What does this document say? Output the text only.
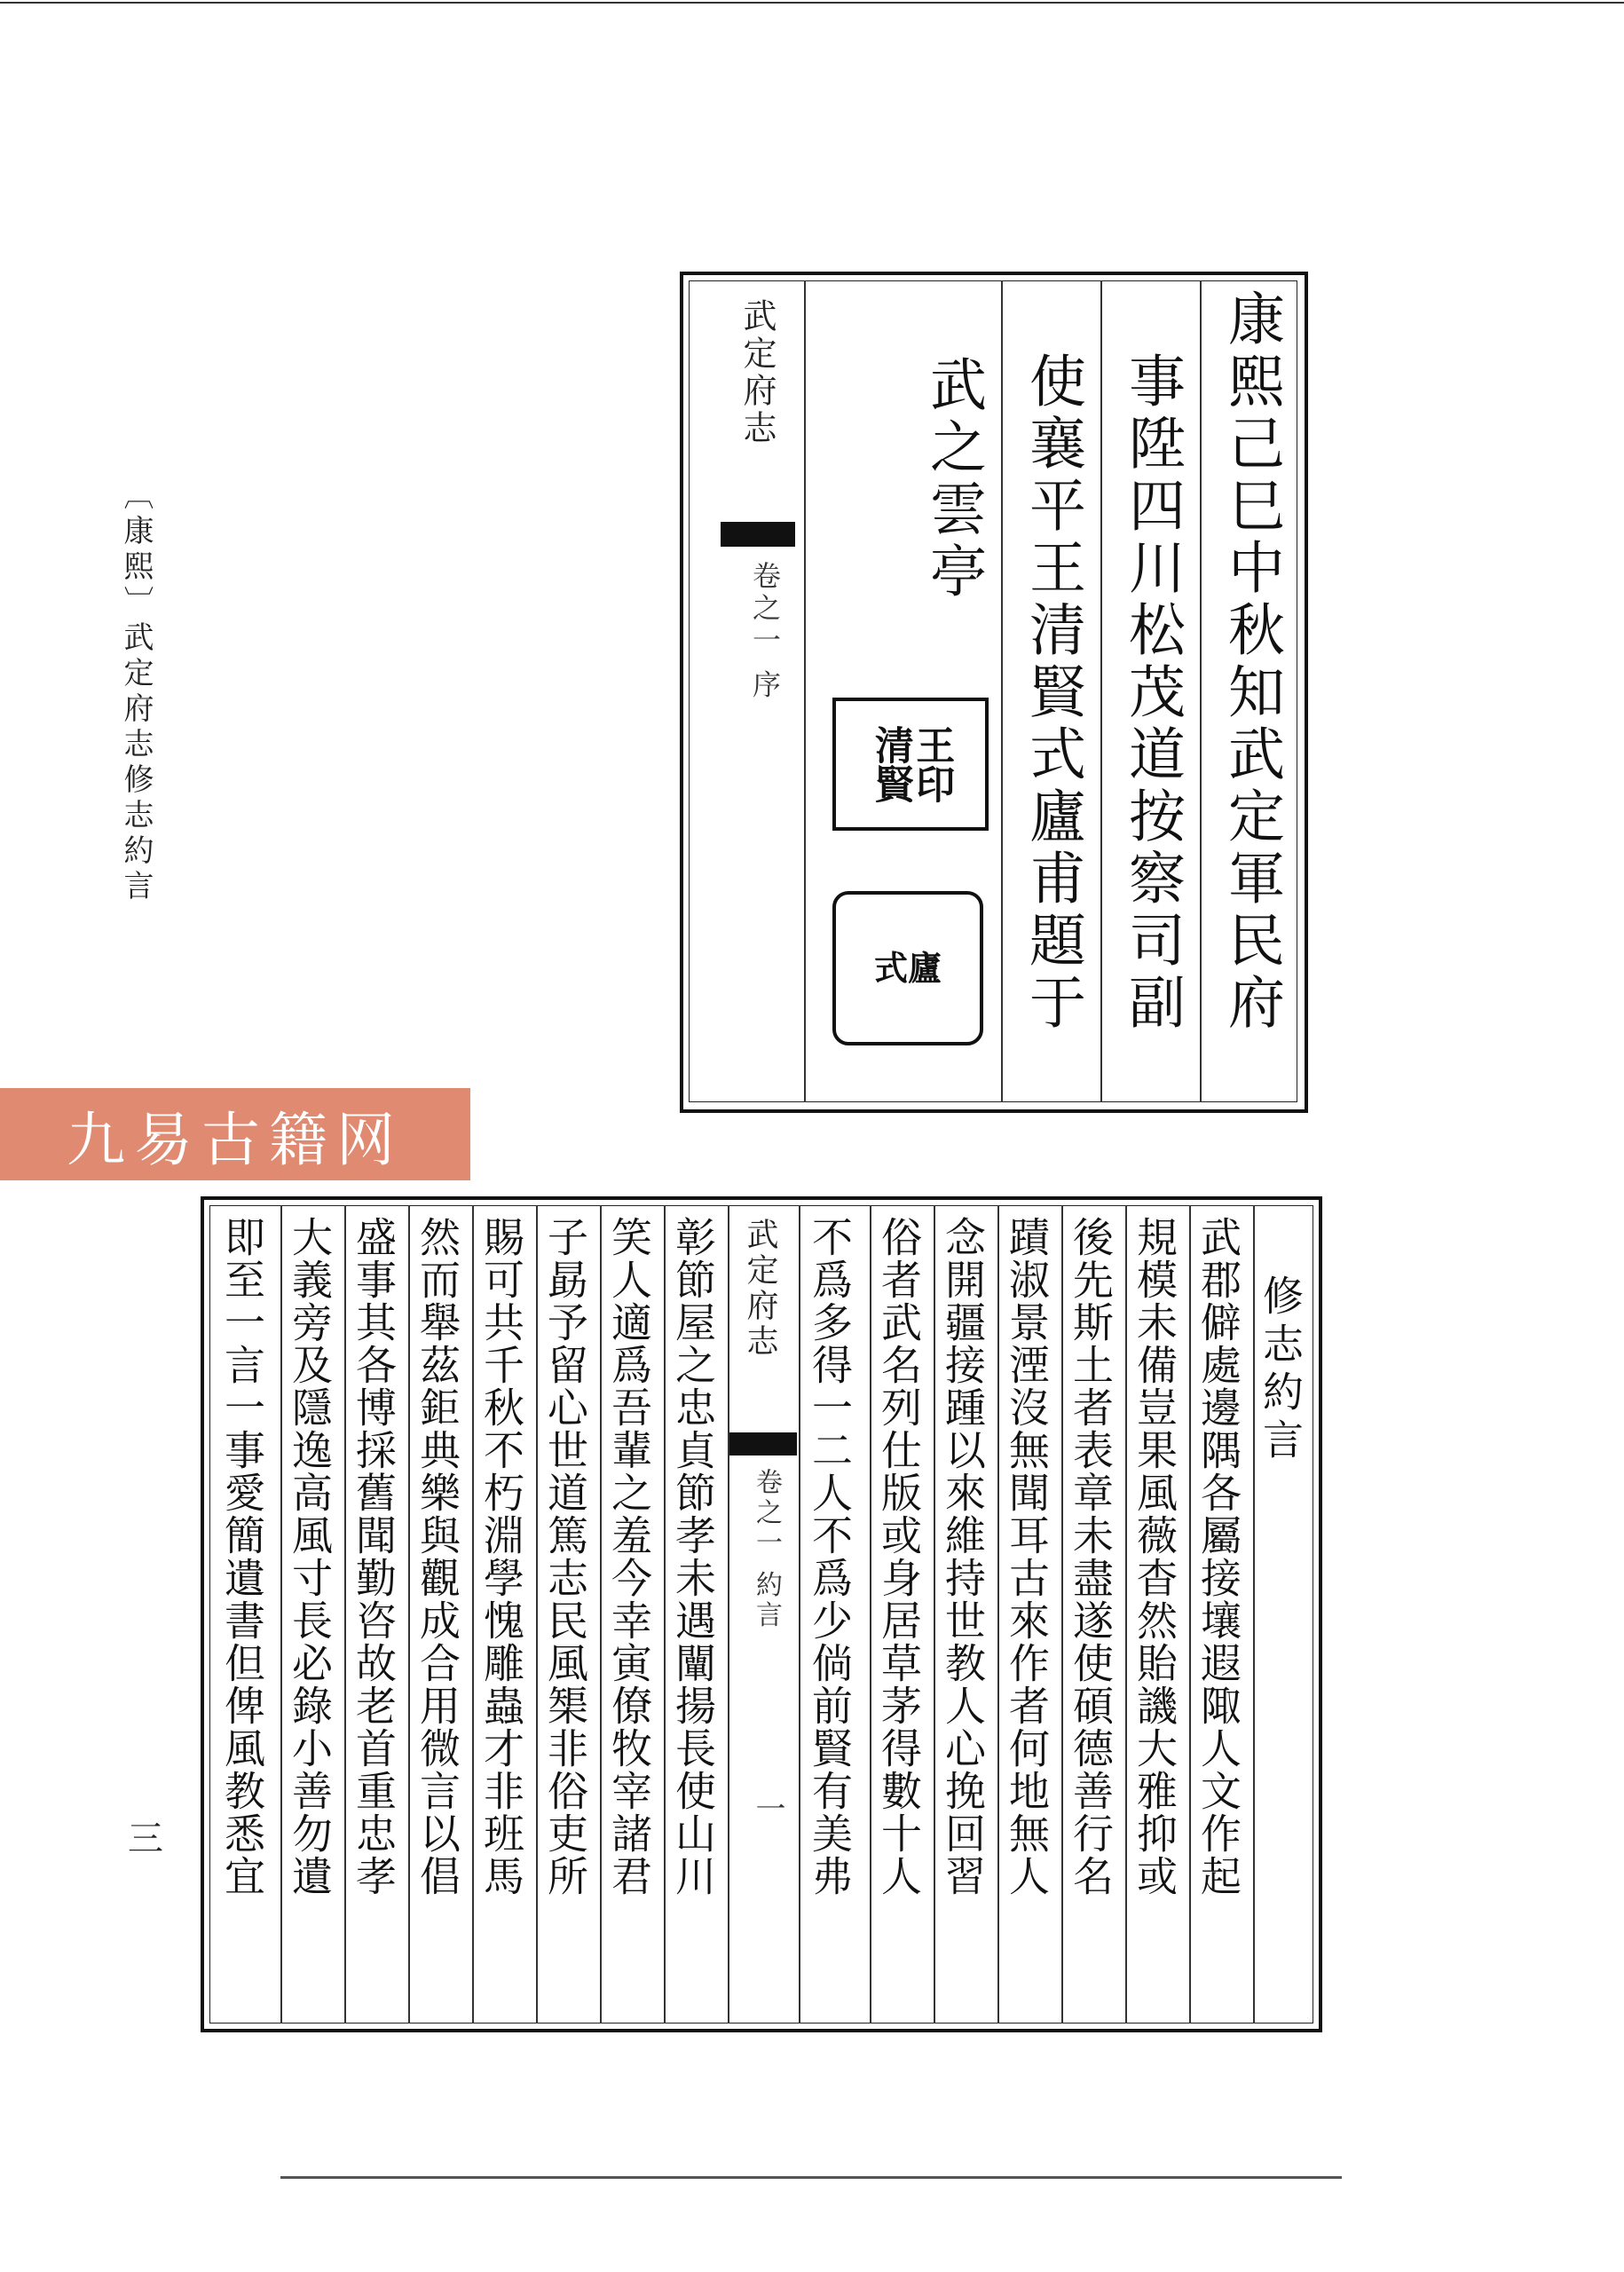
〔康熙〕武定府志
修志約言
三
康熙己巳中秋知武定軍民府
事陞四川松茂道按察司副
使襄平王清賢式廬甫題于
武之雲亭
武定府志
卷之一 序
王印 清賢
式廬
修志約言
武郡僻處邊隅各屬接壤遐陬人文作起
規模未備豈果風薇杳然貽譏大雅抑或
後先斯土者表章未盡遂使碩德善行名
蹟淑景湮沒無聞耳古來作者何地無人
念開疆接踵以來維持世教人心挽回習
俗者武名列仕版或身居草茅得數十人
不爲多得一二人不爲少倘前賢有美弗
武定府志
卷之一 約言
一
彰節屋之忠貞節孝未遇闡揚長使山川
笑人適爲吾輩之羞今幸寅僚牧宰諸君
子勗予留心世道篤志民風榘非俗吏所
賜可共千秋不朽淵學愧雕蟲才非班馬
然而舉茲鉅典樂與觀成合用微言以倡
盛事其各博採舊聞勤咨故老首重忠孝
大義旁及隱逸高風寸長必錄小善勿遺
即至一言一事愛簡遺書但俾風教悉宜
九易古籍网
